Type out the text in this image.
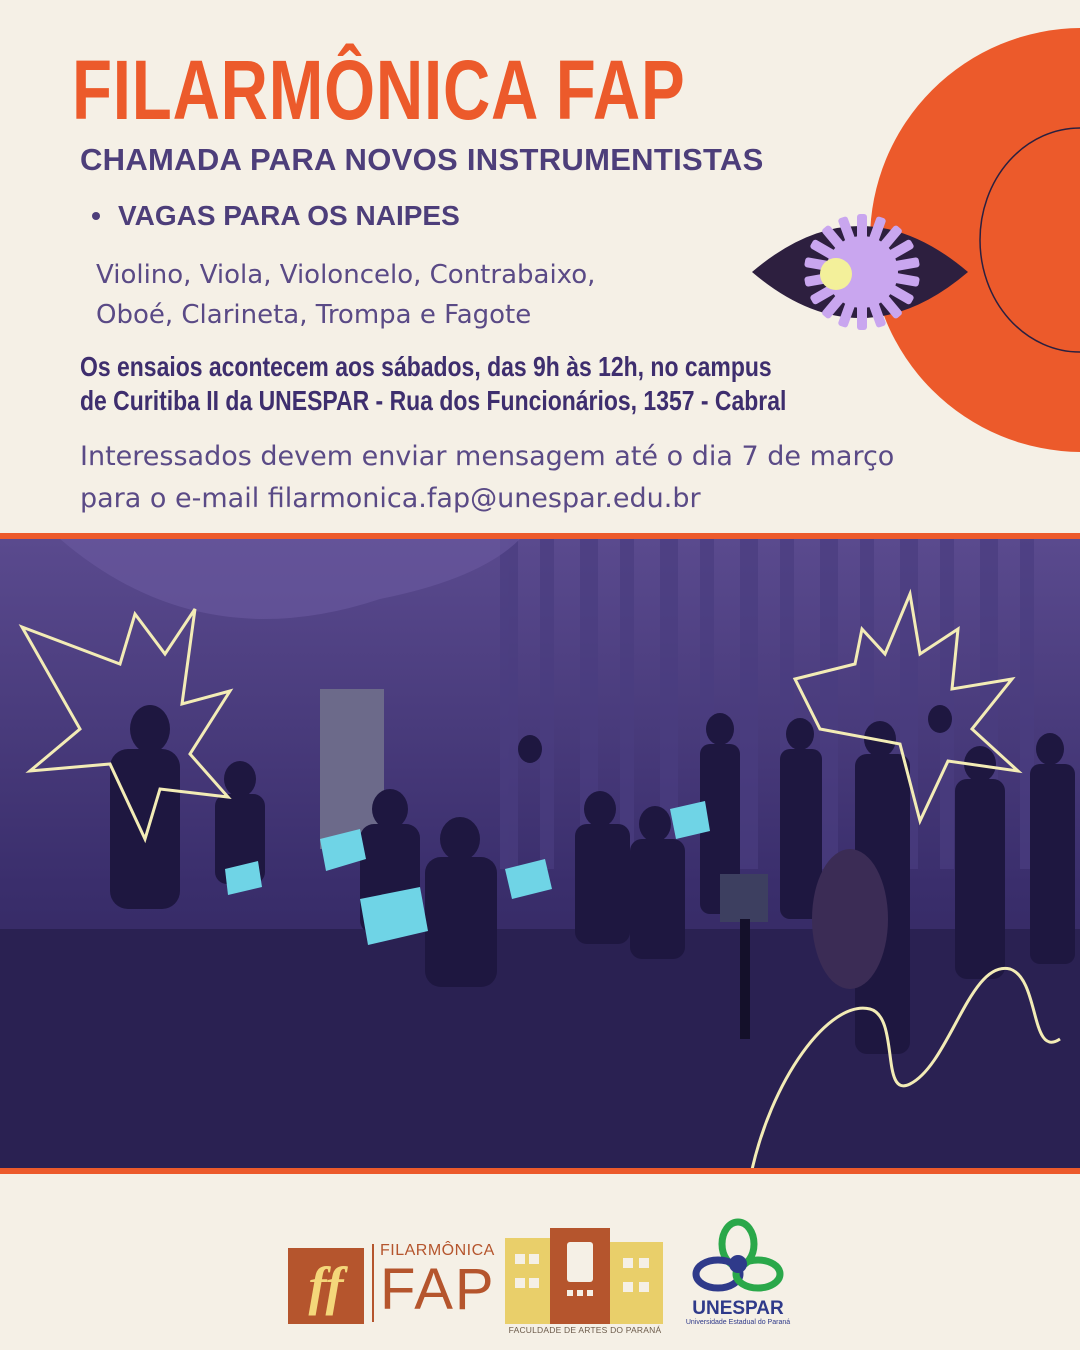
FILARMÔNICA FAP
CHAMADA PARA NOVOS INSTRUMENTISTAS
VAGAS PARA OS NAIPES
Violino, Viola, Violoncelo, Contrabaixo,
Oboé, Clarineta, Trompa e Fagote
Os ensaios acontecem aos sábados, das 9h às 12h, no campus
de Curitiba II da UNESPAR - Rua dos Funcionários, 1357 - Cabral
Interessados devem enviar mensagem até o dia 7 de março
para o e-mail filarmonica.fap@unespar.edu.br
ff
FILARMÔNICA
FAP
FACULDADE DE ARTES DO PARANÁ
UNESPAR
Universidade Estadual do Paraná
